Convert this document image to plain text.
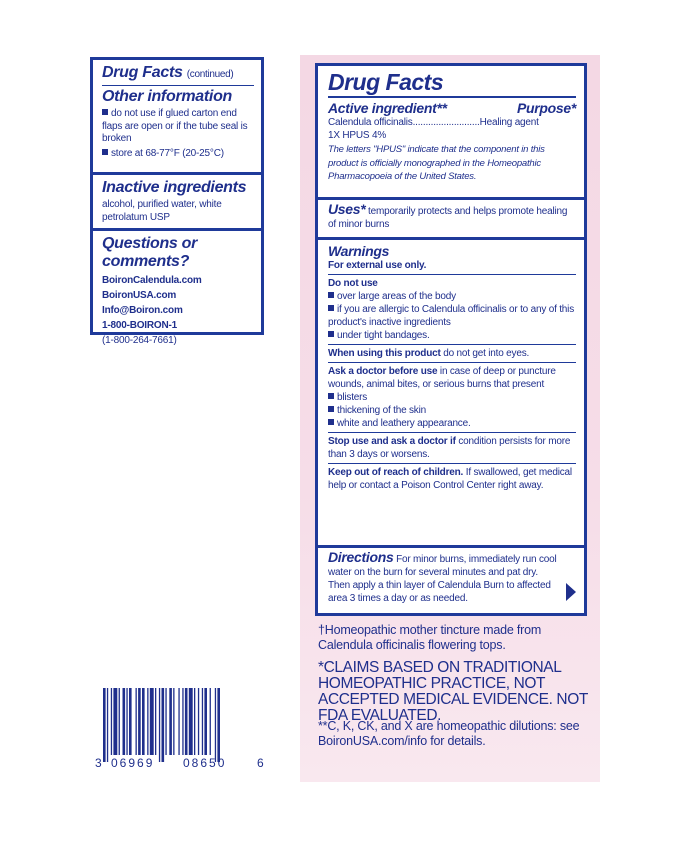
Drug Facts (continued)
Other information
do not use if glued carton end flaps are open or if the tube seal is broken
store at 68-77°F (20-25°C)
Inactive ingredients
alcohol, purified water, white petrolatum USP
Questions or comments?
BoironCalendula.com
BoironUSA.com
Info@Boiron.com
1-800-BOIRON-1
(1-800-264-7661)
3 06969 08650	6
Drug Facts
Active ingredient**	Purpose*
Calendula officinalis..........................Healing agent
1X HPUS 4%
The letters "HPUS" indicate that the component in this product is officially monographed in the Homeopathic Pharmacopoeia of the United States.
Uses* temporarily protects and helps promote healing of minor burns
Warnings
For external use only.
Do not use
over large areas of the body
if you are allergic to Calendula officinalis or to any of this product's inactive ingredients
under tight bandages.
When using this product do not get into eyes.
Ask a doctor before use in case of deep or puncture wounds, animal bites, or serious burns that present
blisters
thickening of the skin
white and leathery appearance.
Stop use and ask a doctor if condition persists for more than 3 days or worsens.
Keep out of reach of children. If swallowed, get medical help or contact a Poison Control Center right away.
Directions For minor burns, immediately run cool water on the burn for several minutes and pat dry. Then apply a thin layer of Calendula Burn to affected area 3 times a day or as needed.
†Homeopathic mother tincture made from Calendula officinalis flowering tops.
*CLAIMS BASED ON TRADITIONAL HOMEOPATHIC PRACTICE, NOT ACCEPTED MEDICAL EVIDENCE. NOT FDA EVALUATED.
**C, K, CK, and X are homeopathic dilutions: see BoironUSA.com/info for details.
